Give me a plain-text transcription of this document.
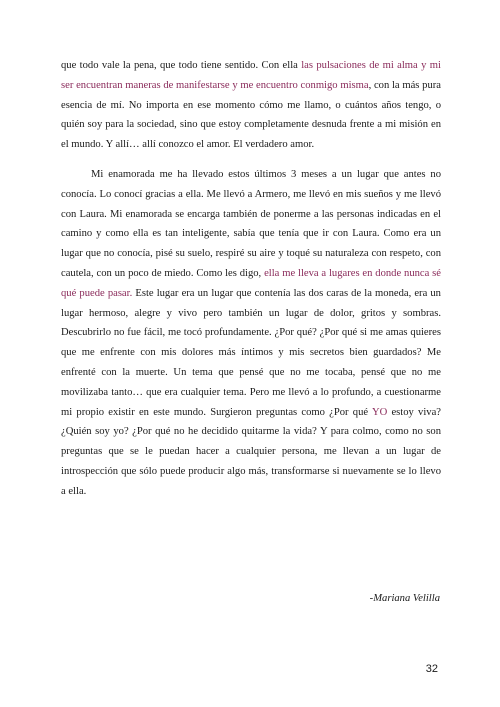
que todo vale la pena, que todo tiene sentido. Con ella las pulsaciones de mi alma y mi ser encuentran maneras de manifestarse y me encuentro conmigo misma, con la más pura esencia de mí. No importa en ese momento cómo me llamo, o cuántos años tengo, o quién soy para la sociedad, sino que estoy completamente desnuda frente a mi misión en el mundo. Y allí… allí conozco el amor. El verdadero amor.

Mi enamorada me ha llevado estos últimos 3 meses a un lugar que antes no conocía. Lo conocí gracias a ella. Me llevó a Armero, me llevó en mis sueños y me llevó con Laura. Mi enamorada se encarga también de ponerme a las personas indicadas en el camino y como ella es tan inteligente, sabía que tenía que ir con Laura. Como era un lugar que no conocía, pisé su suelo, respiré su aire y toqué su naturaleza con respeto, con cautela, con un poco de miedo. Como les digo, ella me lleva a lugares en donde nunca sé qué puede pasar. Este lugar era un lugar que contenía las dos caras de la moneda, era un lugar hermoso, alegre y vivo pero también un lugar de dolor, gritos y sombras. Descubrirlo no fue fácil, me tocó profundamente. ¿Por qué? ¿Por qué si me amas quieres que me enfrente con mis dolores más íntimos y mis secretos bien guardados? Me enfrenté con la muerte. Un tema que pensé que no me tocaba, pensé que no me movilizaba tanto… que era cualquier tema. Pero me llevó a lo profundo, a cuestionarme mi propio existir en este mundo. Surgieron preguntas como ¿Por qué YO estoy viva? ¿Quién soy yo? ¿Por qué no he decidido quitarme la vida? Y para colmo, como no son preguntas que se le puedan hacer a cualquier persona, me llevan a un lugar de introspección que sólo puede producir algo más, transformarse si nuevamente se lo llevo a ella.

-Mariana Velilla
32
